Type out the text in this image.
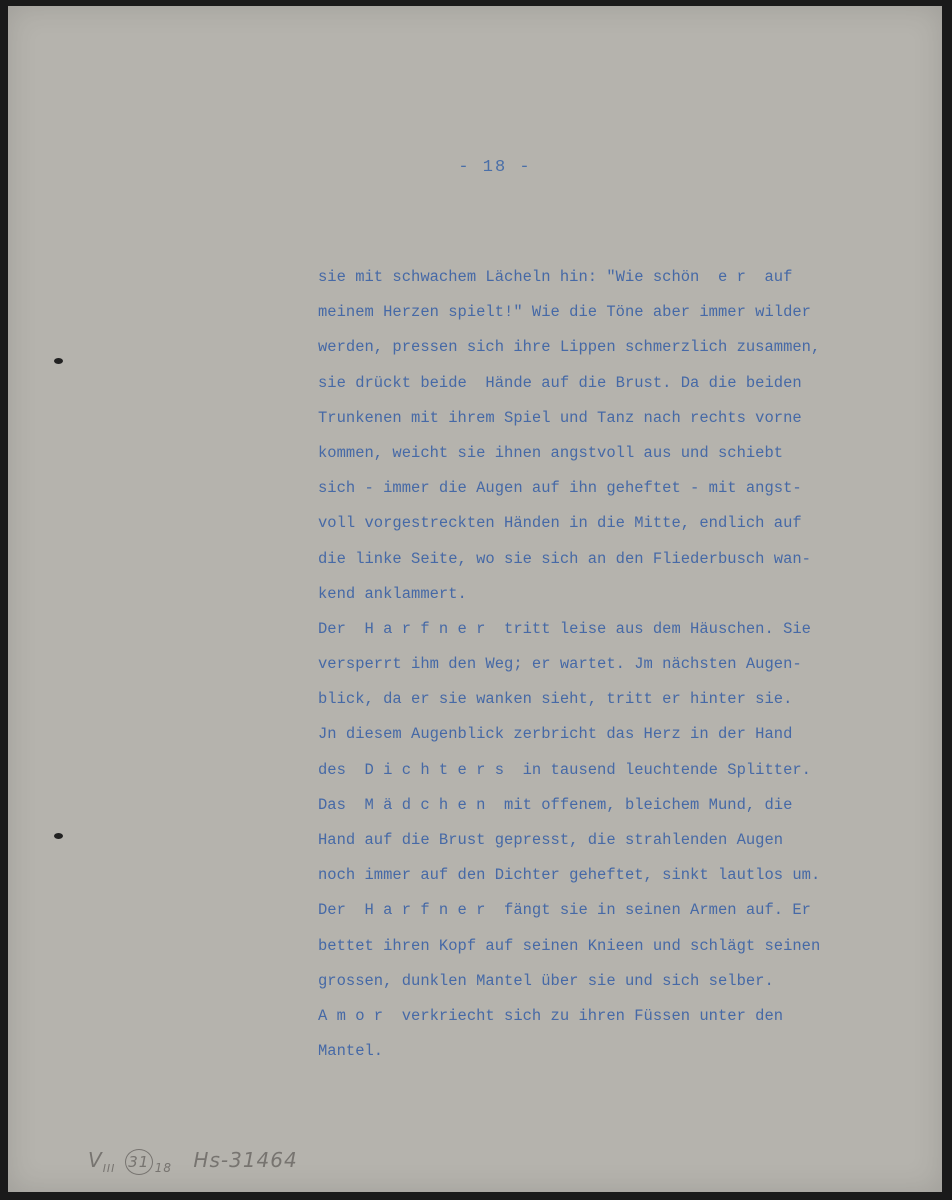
- 18 -
sie mit schwachem Lächeln hin: "Wie schön  e r  auf
meinem Herzen spielt!" Wie die Töne aber immer wilder
werden, pressen sich ihre Lippen schmerzlich zusammen,
sie drückt beide  Hände auf die Brust. Da die beiden
Trunkenen mit ihrem Spiel und Tanz nach rechts vorne
kommen, weicht sie ihnen angstvoll aus und schiebt
sich - immer die Augen auf ihn geheftet - mit angst-
voll vorgestreckten Händen in die Mitte, endlich auf
die linke Seite, wo sie sich an den Fliederbusch wan-
kend anklammert.
Der  H a r f n e r  tritt leise aus dem Häuschen. Sie
versperrt ihm den Weg; er wartet. Jm nächsten Augen-
blick, da er sie wanken sieht, tritt er hinter sie.
Jn diesem Augenblick zerbricht das Herz in der Hand
des  D i c h t e r s  in tausend leuchtende Splitter.
Das  M ä d c h e n  mit offenem, bleichem Mund, die
Hand auf die Brust gepresst, die strahlenden Augen
noch immer auf den Dichter geheftet, sinkt lautlos um.
Der  H a r f n e r  fängt sie in seinen Armen auf. Er
bettet ihren Kopf auf seinen Knieen und schlägt seinen
grossen, dunklen Mantel über sie und sich selber.
A m o r  verkriecht sich zu ihren Füssen unter den
Mantel.
$V_{III}$ 31 $_{18}$ Hs-31464
